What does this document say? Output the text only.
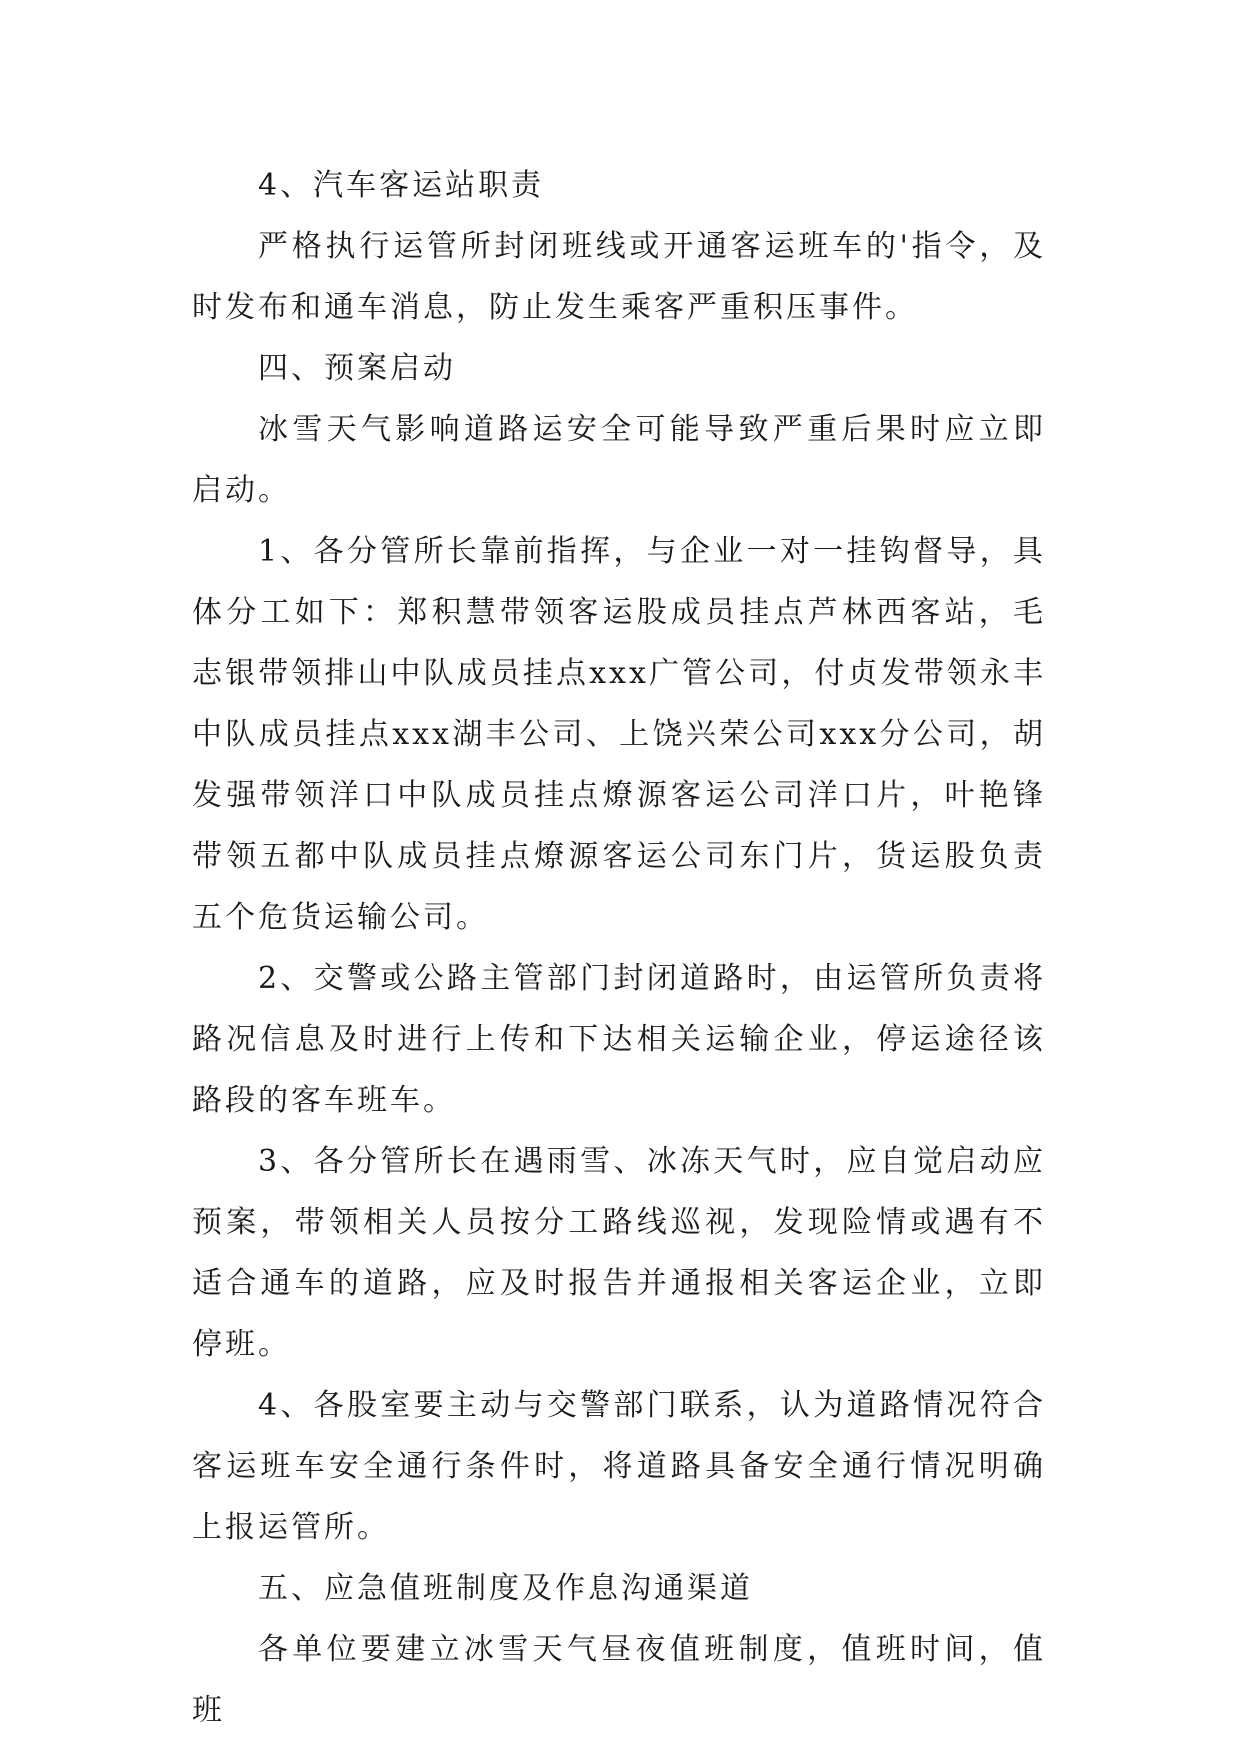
4、汽车客运站职责

严格执行运管所封闭班线或开通客运班车的'指令，及时发布和通车消息，防止发生乘客严重积压事件。

四、预案启动

冰雪天气影响道路运安全可能导致严重后果时应立即启动。

1、各分管所长靠前指挥，与企业一对一挂钩督导，具体分工如下：郑积慧带领客运股成员挂点芦林西客站，毛志银带领排山中队成员挂点xxx广管公司，付贞发带领永丰中队成员挂点xxx湖丰公司、上饶兴荣公司xxx分公司，胡发强带领洋口中队成员挂点燎源客运公司洋口片，叶艳锋带领五都中队成员挂点燎源客运公司东门片，货运股负责五个危货运输公司。

2、交警或公路主管部门封闭道路时，由运管所负责将路况信息及时进行上传和下达相关运输企业，停运途径该路段的客车班车。

3、各分管所长在遇雨雪、冰冻天气时，应自觉启动应预案，带领相关人员按分工路线巡视，发现险情或遇有不适合通车的道路，应及时报告并通报相关客运企业，立即停班。

4、各股室要主动与交警部门联系，认为道路情况符合客运班车安全通行条件时，将道路具备安全通行情况明确上报运管所。

五、应急值班制度及作息沟通渠道

各单位要建立冰雪天气昼夜值班制度，值班时间，值班
